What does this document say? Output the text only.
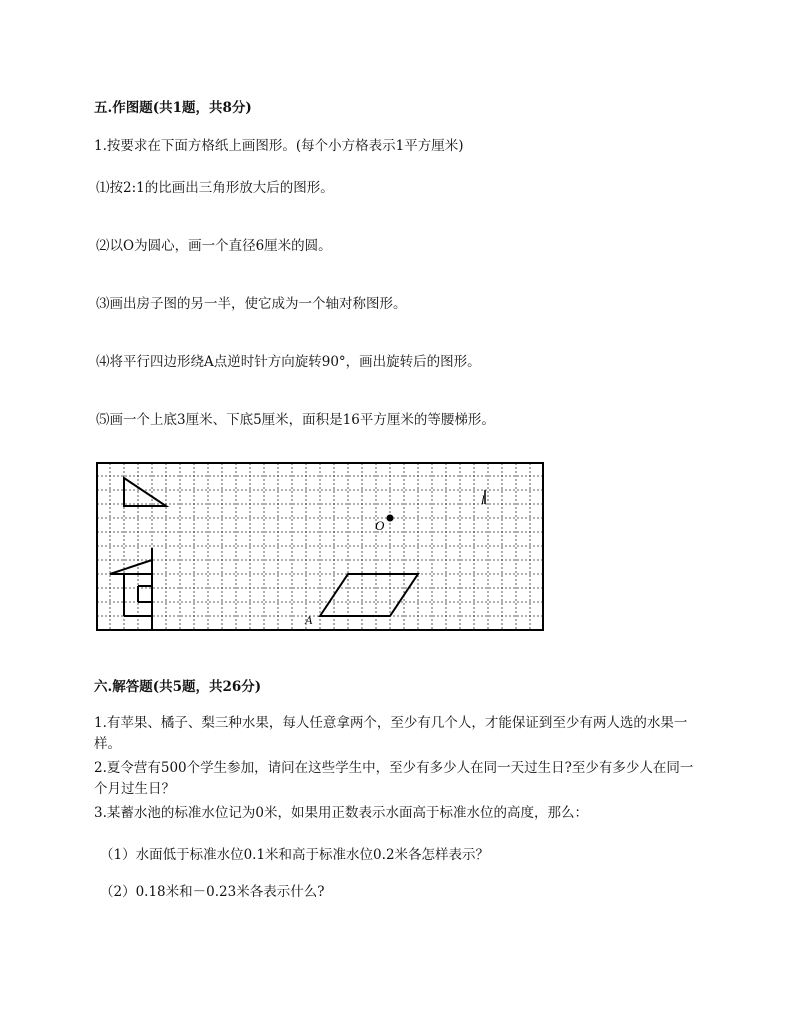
五.作图题(共1题，共8分)
1.按要求在下面方格纸上画图形。(每个小方格表示1平方厘米)
⑴按2:1的比画出三角形放大后的图形。
⑵以O为圆心，画一个直径6厘米的圆。
⑶画出房子图的另一半，使它成为一个轴对称图形。
⑷将平行四边形绕A点逆时针方向旋转90°，画出旋转后的图形。
⑸画一个上底3厘米、下底5厘米，面积是16平方厘米的等腰梯形。
O
A
l
六.解答题(共5题，共26分)
1.有苹果、橘子、梨三种水果，每人任意拿两个，至少有几个人，才能保证到至少有两人选的水果一样。
2.夏令营有500个学生参加，请问在这些学生中，至少有多少人在同一天过生日?至少有多少人在同一个月过生日？
3.某蓄水池的标准水位记为0米，如果用正数表示水面高于标准水位的高度，那么：
（1）水面低于标准水位0.1米和高于标准水位0.2米各怎样表示？
（2）0.18米和－0.23米各表示什么?
